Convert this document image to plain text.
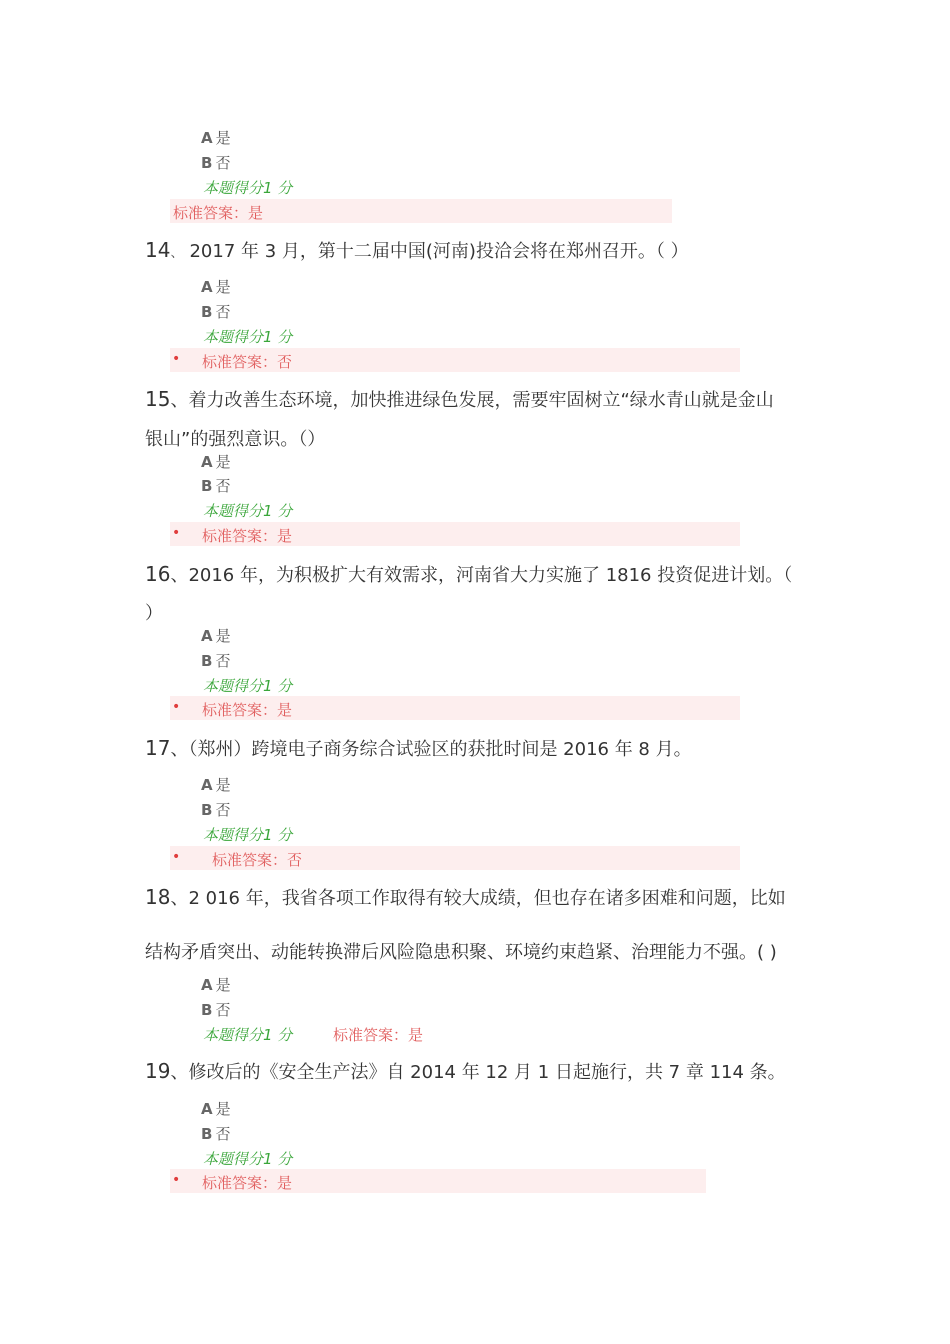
A 是
B 否
本题得分1 分
标准答案：是
14、 2017 年 3 月，第十二届中国(河南)投洽会将在郑州召开。（ ）
A 是
B 否
本题得分1 分
• 标准答案：否
15、着力改善生态环境，加快推进绿色发展，需要牢固树立“绿水青山就是金山
银山”的强烈意识。（）
A 是
B 否
本题得分1 分
• 标准答案：是
16、2016 年，为积极扩大有效需求，河南省大力实施了 1816 投资促进计划。（
）
A 是
B 否
本题得分1 分
• 标准答案：是
17、（郑州）跨境电子商务综合试验区的获批时间是 2016 年 8 月。
A 是
B 否
本题得分1 分
• 标准答案：否
18、2 016 年，我省各项工作取得有较大成绩，但也存在诸多困难和问题，比如
结构矛盾突出、动能转换滞后风险隐患积聚、环境约束趋紧、治理能力不强。( )
A 是
B 否
本题得分1 分	标准答案：是
19、修改后的《安全生产法》自 2014 年 12 月 1 日起施行，共 7 章 114 条。
A 是
B 否
本题得分1 分
• 标准答案：是
